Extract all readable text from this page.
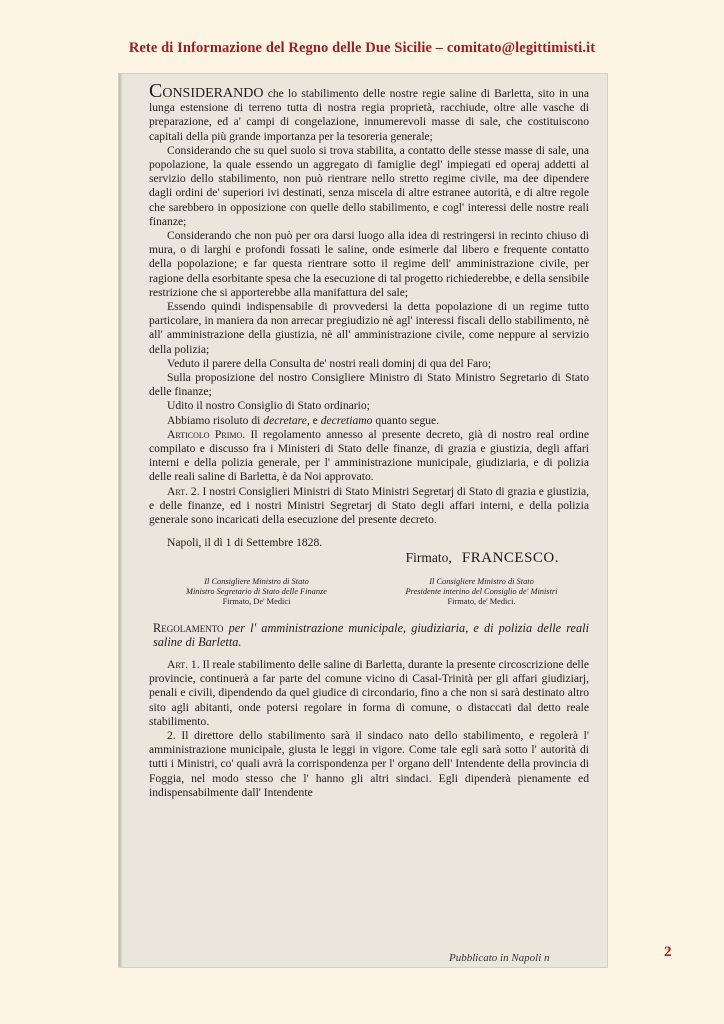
Rete di Informazione del Regno delle Due Sicilie – comitato@legittimisti.it

Considerando che lo stabilimento delle nostre regie saline di Barletta, sito in una lunga estensione di terreno tutta di nostra regia proprietà, racchiude, oltre alle vasche di preparazione, ed a' campi di congelazione, innumerevoli masse di sale, che costituiscono capitali della più grande importanza per la tesoreria generale;

Considerando che su quel suolo si trova stabilita, a contatto delle stesse masse di sale, una popolazione, la quale essendo un aggregato di famiglie degl' impiegati ed operaj addetti al servizio dello stabilimento, non può rientrare nello stretto regime civile, ma dee dipendere dagli ordini de' superiori ivi destinati, senza miscela di altre estranee autorità, e di altre regole che sarebbero in opposizione con quelle dello stabilimento, e cogl' interessi delle nostre reali finanze;

Considerando che non può per ora darsi luogo alla idea di restringersi in recinto chiuso di mura, o di larghi e profondi fossati le saline, onde esimerle dal libero e frequente contatto della popolazione; e far questa rientrare sotto il regime dell' amministrazione civile, per ragione della esorbitante spesa che la esecuzione di tal progetto richiederebbe, e della sensibile restrizione che si apporterebbe alla manifattura del sale;

Essendo quindi indispensabile di provvedersi la detta popolazione di un regime tutto particolare, in maniera da non arrecar pregiudizio nè agl' interessi fiscali dello stabilimento, nè all' amministrazione della giustizia, nè all' amministrazione civile, come neppure al servizio della polizia;

Veduto il parere della Consulta de' nostri reali dominj di qua del Faro;

Sulla proposizione del nostro Consigliere Ministro di Stato Ministro Segretario di Stato delle finanze;

Udito il nostro Consiglio di Stato ordinario;

Abbiamo risoluto di decretare, e decretiamo quanto segue.

Articolo Primo. Il regolamento annesso al presente decreto, già di nostro real ordine compilato e discusso fra i Ministeri di Stato delle finanze, di grazia e giustizia, degli affari interni e della polizia generale, per l' amministrazione municipale, giudiziaria, e di polizia delle reali saline di Barletta, è da Noi approvato.

Art. 2. I nostri Consiglieri Ministri di Stato Ministri Segretarj di Stato di grazia e giustizia, e delle finanze, ed i nostri Ministri Segretarj di Stato degli affari interni, e della polizia generale sono incaricati della esecuzione del presente decreto.

Napoli, il dì 1 di Settembre 1828.

Firmato, FRANCESCO.

Il Consigliere Ministro di Stato
Ministro Segretario di Stato delle Finanze
Firmato, De' Medici
Il Consigliere Ministro di Stato
Presidente interino del Consiglio de' Ministri
Firmato, de' Medici.

Regolamento per l' amministrazione municipale, giudiziaria, e di polizia delle reali saline di Barletta.

Art. 1. Il reale stabilimento delle saline di Barletta, durante la presente circoscrizione delle provincie, continuerà a far parte del comune vicino di Casal-Trinità per gli affari giudiziarj, penali e civili, dipendendo da quel giudice di circondario, fino a che non si sarà destinato altro sito agli abitanti, onde potersi regolare in forma di comune, o distaccati dal detto reale stabilimento.

2. Il direttore dello stabilimento sarà il sindaco nato dello stabilimento, e regolerà l' amministrazione municipale, giusta le leggi in vigore. Come tale egli sarà sotto l' autorità di tutti i Ministri, co' quali avrà la corrispondenza per l' organo dell' Intendente della provincia di Foggia, nel modo stesso che l' hanno gli altri sindaci. Egli dipenderà pienamente ed indispensabilmente dall' Intendente

Pubblicato in Napoli n	2
